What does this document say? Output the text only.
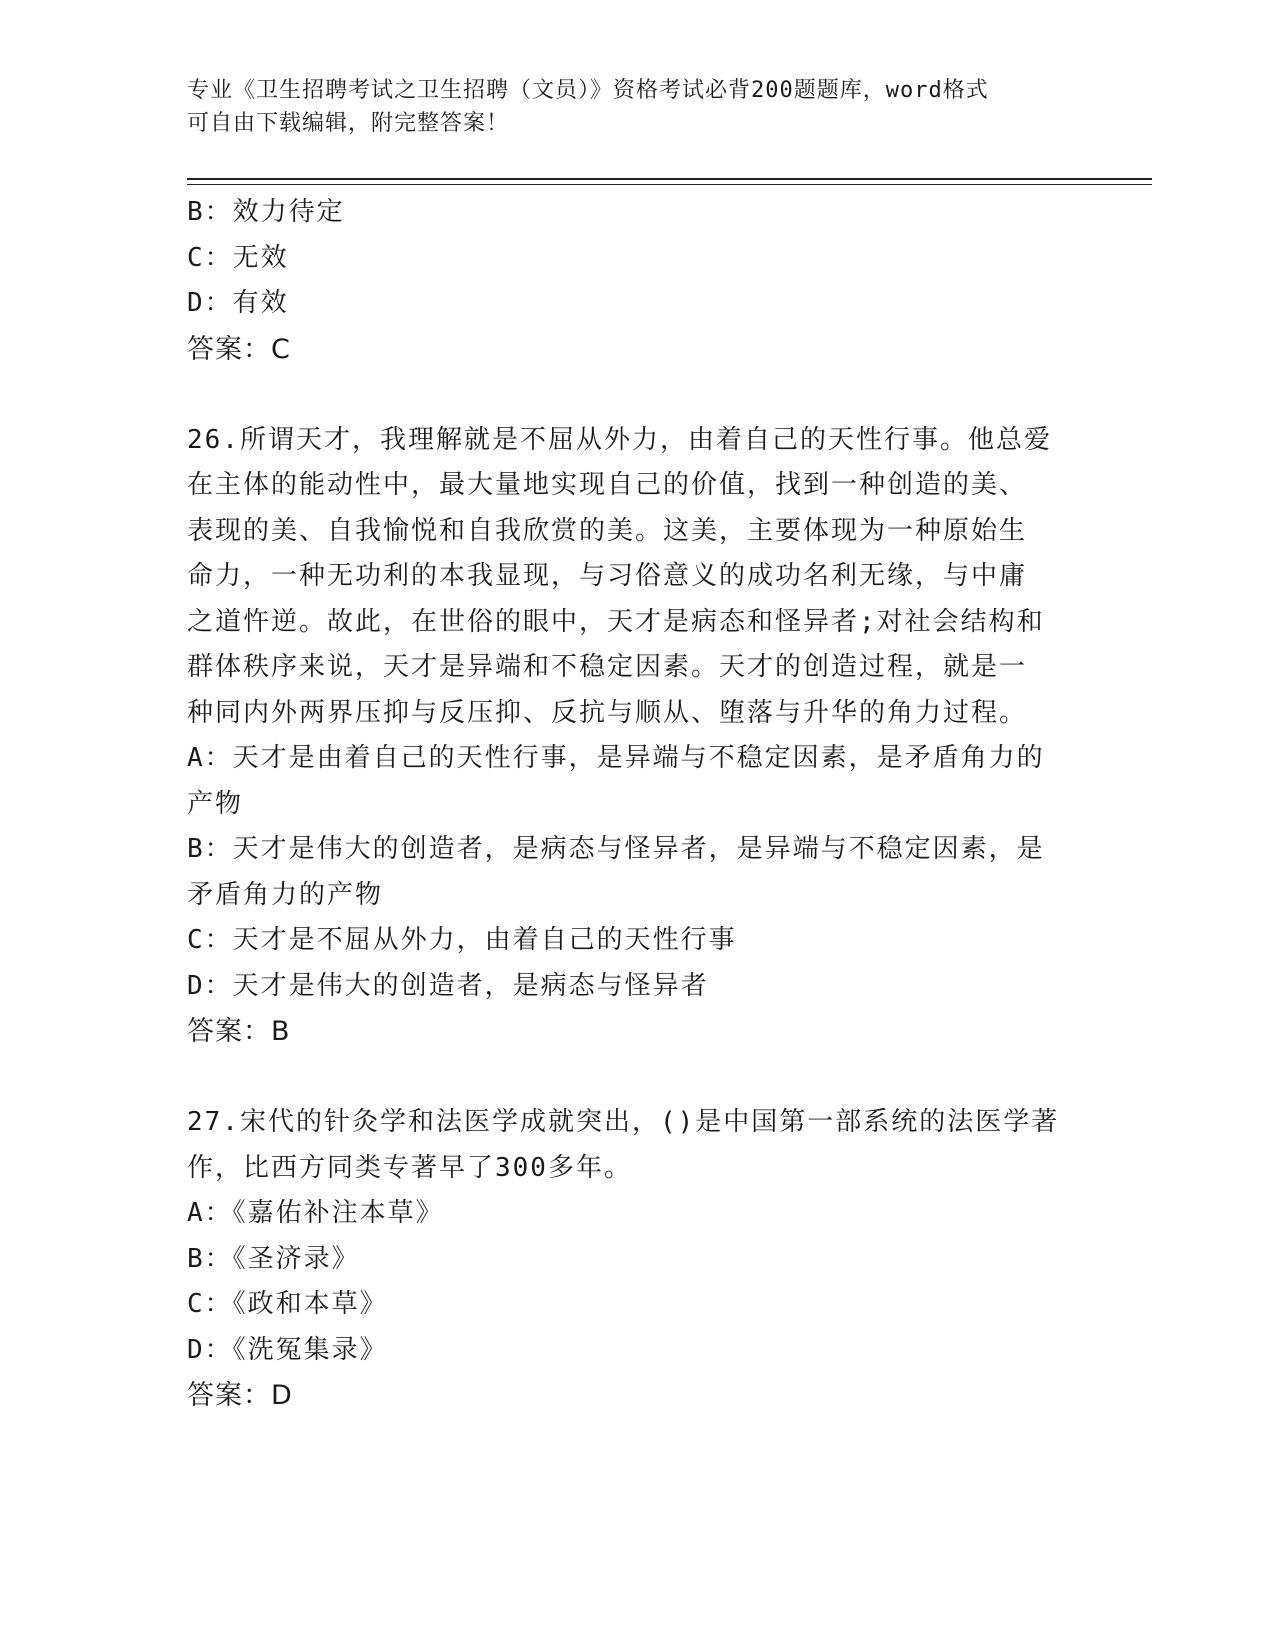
专业《卫生招聘考试之卫生招聘（文员）》资格考试必背200题题库，word格式
可自由下载编辑，附完整答案！
B：效力待定
C：无效
D：有效
答案：C
26.所谓天才，我理解就是不屈从外力，由着自己的天性行事。他总爱
在主体的能动性中，最大量地实现自己的价值，找到一种创造的美、
表现的美、自我愉悦和自我欣赏的美。这美，主要体现为一种原始生
命力，一种无功利的本我显现，与习俗意义的成功名利无缘，与中庸
之道忤逆。故此，在世俗的眼中，天才是病态和怪异者;对社会结构和
群体秩序来说，天才是异端和不稳定因素。天才的创造过程，就是一
种同内外两界压抑与反压抑、反抗与顺从、堕落与升华的角力过程。
A：天才是由着自己的天性行事，是异端与不稳定因素，是矛盾角力的
产物
B：天才是伟大的创造者，是病态与怪异者，是异端与不稳定因素，是
矛盾角力的产物
C：天才是不屈从外力，由着自己的天性行事
D：天才是伟大的创造者，是病态与怪异者
答案：B
27.宋代的针灸学和法医学成就突出，()是中国第一部系统的法医学著
作，比西方同类专著早了300多年。
A：《嘉佑补注本草》
B：《圣济录》
C：《政和本草》
D：《洗冤集录》
答案：D
